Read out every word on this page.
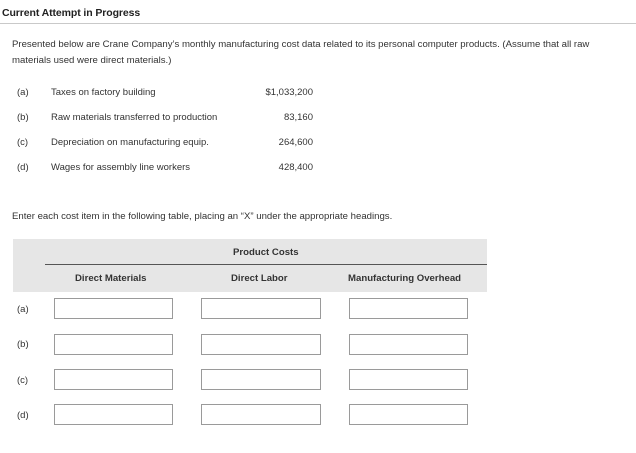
Current Attempt in Progress
Presented below are Crane Company’s monthly manufacturing cost data related to its personal computer products. (Assume that all raw materials used were direct materials.)
(a)	Taxes on factory building	$1,033,200
(b)	Raw materials transferred to production	83,160
(c)	Depreciation on manufacturing equip.	264,600
(d)	Wages for assembly line workers	428,400
Enter each cost item in the following table, placing an “X” under the appropriate headings.
Product Costs
Direct Materials	Direct Labor	Manufacturing Overhead
(a)
(b)
(c)
(d)
